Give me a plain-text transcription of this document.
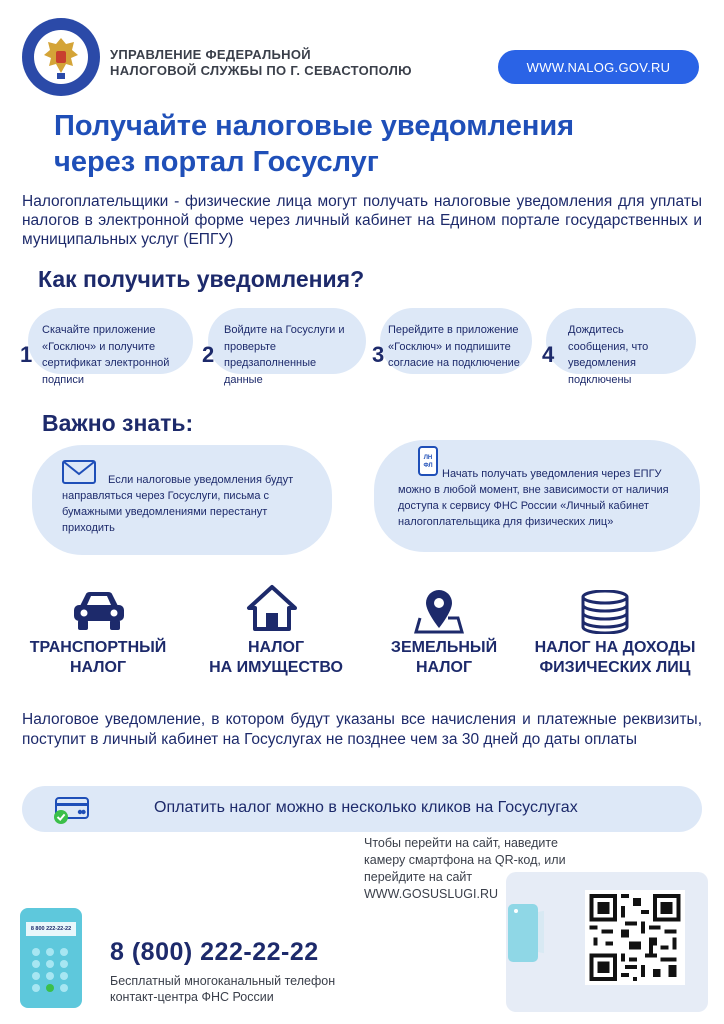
УПРАВЛЕНИЕ ФЕДЕРАЛЬНОЙ
НАЛОГОВОЙ СЛУЖБЫ ПО Г. СЕВАСТОПОЛЮ	WWW.NALOG.GOV.RU
Получайте налоговые уведомления
через портал Госуслуг

Налогоплательщики - физические лица могут получать налоговые уведомления для уплаты налогов в электронной форме через личный кабинет на Едином портале государственных и муниципальных услуг (ЕПГУ)

Как получить уведомления?
1
Скачайте приложение «Госключ» и получите сертификат электронной подписи
2
Войдите на Госуслуги и проверьте предзаполненные данные
3
Перейдите в приложение «Госключ» и подпишите согласие на подключение 4
Дождитесь сообщения, что уведомления подключены
Важно знать:
Если налоговые уведомления будут направляться через Госуслуги, письма с бумажными уведомлениями перестанут приходить
ЛН ФЛ
Начать получать уведомления через ЕПГУ можно в любой момент, вне зависимости от наличия доступа к сервису ФНС России «Личный кабинет налогоплательщика для физических лиц»
ТРАНСПОРТНЫЙ
НАЛОГ
НАЛОГ
НА ИМУЩЕСТВО
ЗЕМЕЛЬНЫЙ
НАЛОГ
НАЛОГ НА ДОХОДЫ
ФИЗИЧЕСКИХ ЛИЦ

Налоговое уведомление, в котором будут указаны все начисления и платежные реквизиты, поступит в личный кабинет на Госуслугах не позднее чем за 30 дней до даты оплаты

Оплатить налог можно в несколько кликов на Госуслугах
Чтобы перейти на сайт, наведите
камеру смартфона на QR-код, или
перейдите на сайт
WWW.GOSUSLUGI.RU
8 800 222-22-22
8 (800) 222-22-22
Бесплатный многоканальный телефон
контакт-центра ФНС России
